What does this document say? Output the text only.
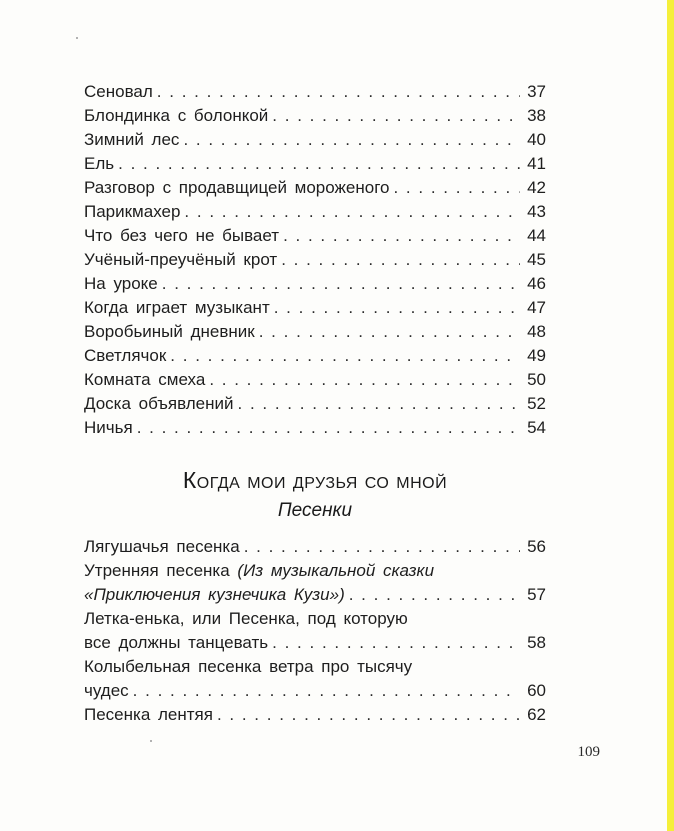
Сеновал . . .	37
Блондинка с болонкой . . .	38
Зимний лес . . .	40
Ель . . .	41
Разговор с продавщицей мороженого . . .	42
Парикмахер . . .	43
Что без чего не бывает . . .	44
Учёный-преучёный крот . . .	45
На уроке . . .	46
Когда играет музыкант . . .	47
Воробьиный дневник . . .	48
Светлячок . . .	49
Комната смеха . . .	50
Доска объявлений . . .	52
Ничья . . .	54
Когда мои друзья со мной
Песенки
Лягушачья песенка . . .	56
Утренняя песенка (Из музыкальной сказки
«Приключения кузнечика Кузи») . . .	57
Летка-енька, или Песенка, под которую
все должны танцевать . . .	58
Колыбельная песенка ветра про тысячу
чудес . . .	60
Песенка лентяя . . .	62
109
